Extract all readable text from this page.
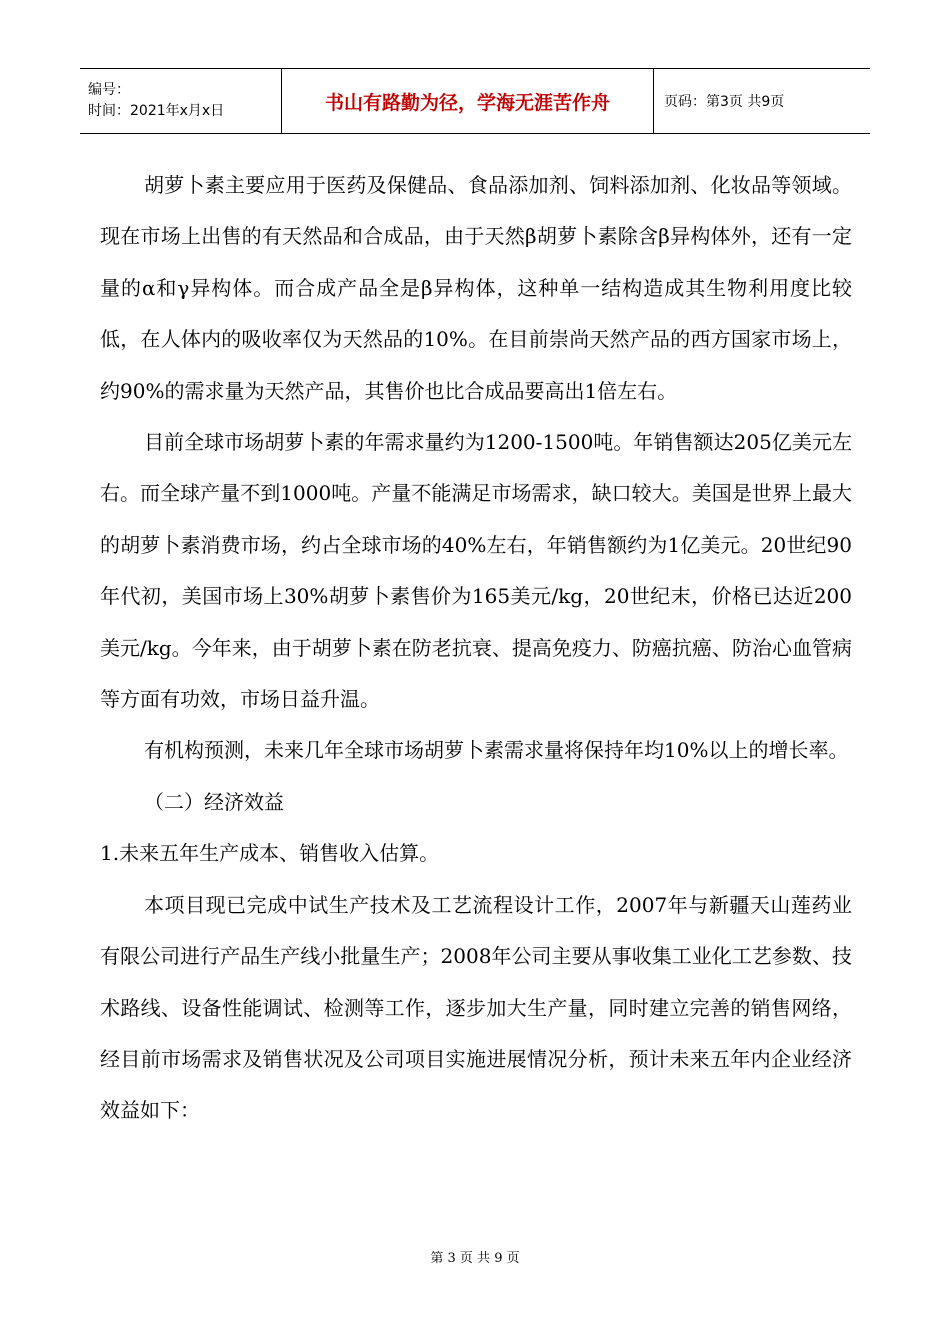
编号：
时间：2021年x月x日	书山有路勤为径，学海无涯苦作舟	页码：第3页 共9页

胡萝卜素主要应用于医药及保健品、食品添加剂、饲料添加剂、化妆品等领域。现在市场上出售的有天然品和合成品，由于天然β胡萝卜素除含β异构体外，还有一定量的α和γ异构体。而合成产品全是β异构体，这种单一结构造成其生物利用度比较低，在人体内的吸收率仅为天然品的10%。在目前崇尚天然产品的西方国家市场上，约90%的需求量为天然产品，其售价也比合成品要高出1倍左右。

目前全球市场胡萝卜素的年需求量约为1200-1500吨。年销售额达205亿美元左右。而全球产量不到1000吨。产量不能满足市场需求，缺口较大。美国是世界上最大的胡萝卜素消费市场，约占全球市场的40%左右，年销售额约为1亿美元。20世纪90年代初，美国市场上30%胡萝卜素售价为165美元/kg，20世纪末，价格已达近200美元/kg。今年来，由于胡萝卜素在防老抗衰、提高免疫力、防癌抗癌、防治心血管病等方面有功效，市场日益升温。

有机构预测，未来几年全球市场胡萝卜素需求量将保持年均10%以上的增长率。

（二）经济效益

1.未来五年生产成本、销售收入估算。

本项目现已完成中试生产技术及工艺流程设计工作，2007年与新疆天山莲药业有限公司进行产品生产线小批量生产；2008年公司主要从事收集工业化工艺参数、技术路线、设备性能调试、检测等工作，逐步加大生产量，同时建立完善的销售网络，经目前市场需求及销售状况及公司项目实施进展情况分析，预计未来五年内企业经济效益如下：

第 3 页 共 9 页
